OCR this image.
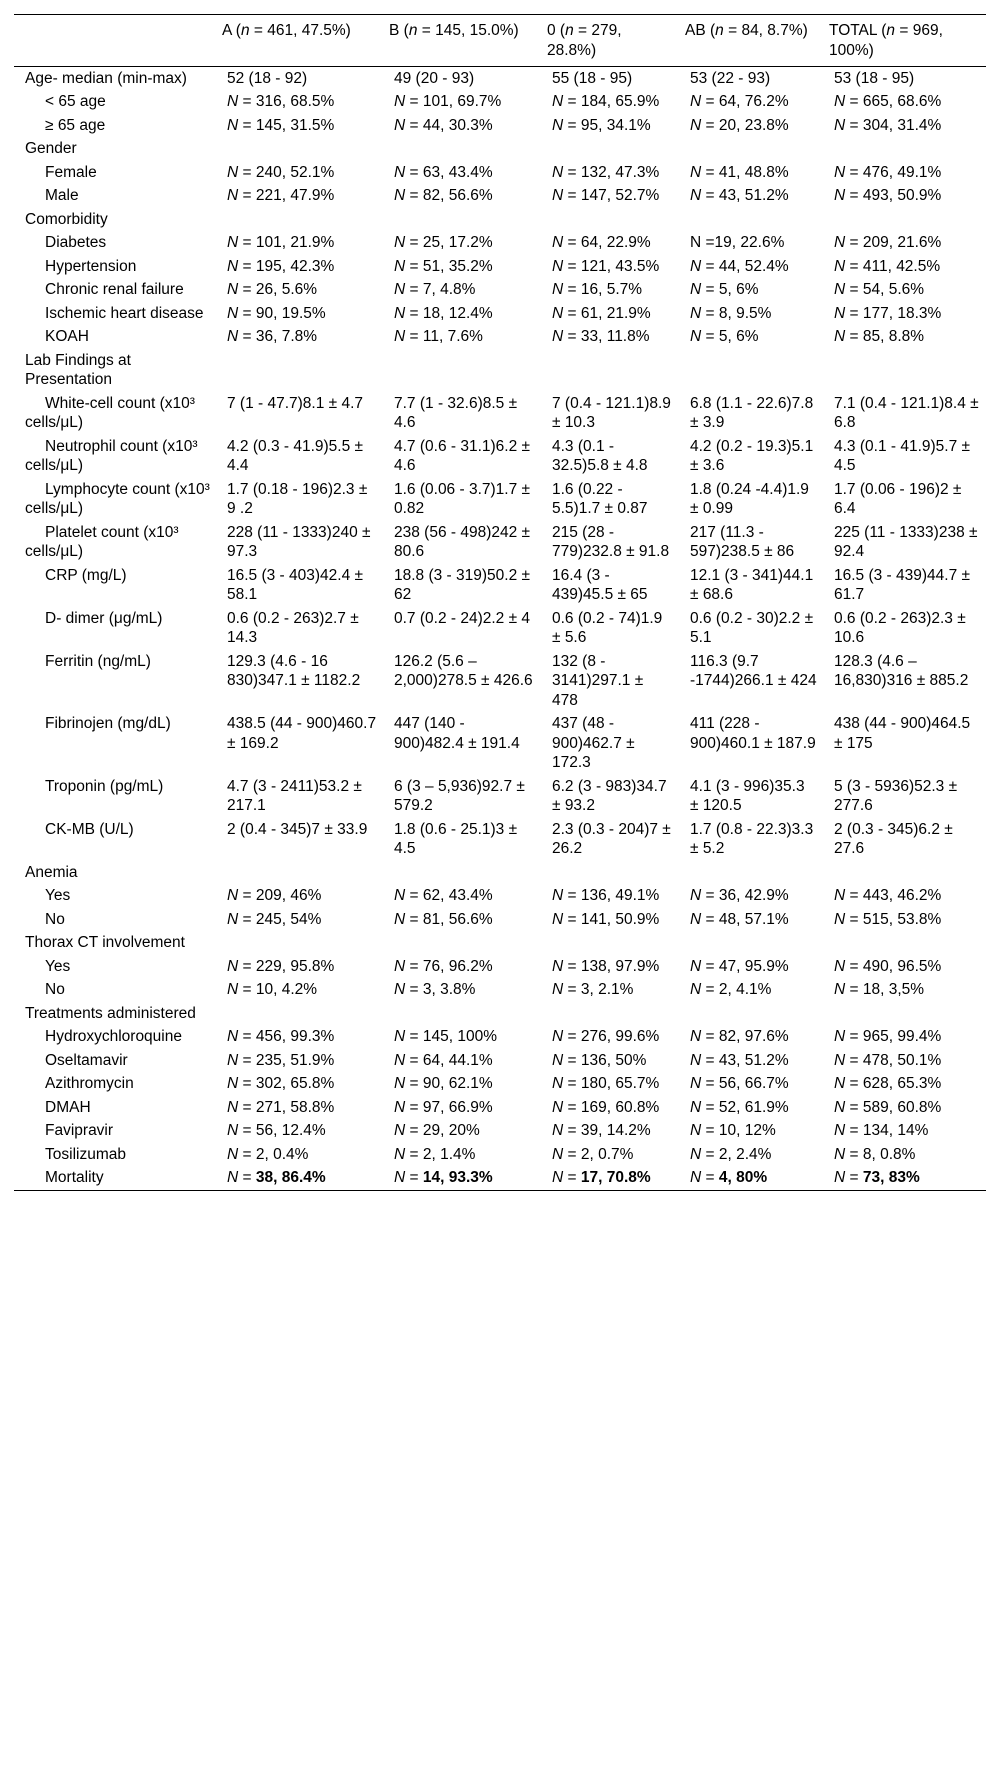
	A (n = 461, 47.5%)	B (n = 145, 15.0%)	0 (n = 279, 28.8%)	AB (n = 84, 8.7%)	TOTAL (n = 969, 100%)
Age- median (min-max)	52 (18 - 92)	49 (20 - 93)	55 (18 - 95)	53 (22 - 93)	53 (18 - 95)
< 65 age	N = 316, 68.5%	N = 101, 69.7%	N = 184, 65.9%	N = 64, 76.2%	N = 665, 68.6%
≥ 65 age	N = 145, 31.5%	N = 44, 30.3%	N = 95, 34.1%	N = 20, 23.8%	N = 304, 31.4%
Gender					
Female	N = 240, 52.1%	N = 63, 43.4%	N = 132, 47.3%	N = 41, 48.8%	N = 476, 49.1%
Male	N = 221, 47.9%	N = 82, 56.6%	N = 147, 52.7%	N = 43, 51.2%	N = 493, 50.9%
Comorbidity					
Diabetes	N = 101, 21.9%	N = 25, 17.2%	N = 64, 22.9%	N =19, 22.6%	N = 209, 21.6%
Hypertension	N = 195, 42.3%	N = 51, 35.2%	N = 121, 43.5%	N = 44, 52.4%	N = 411, 42.5%
Chronic renal failure	N = 26, 5.6%	N = 7, 4.8%	N = 16, 5.7%	N = 5, 6%	N = 54, 5.6%
Ischemic heart disease	N = 90, 19.5%	N = 18, 12.4%	N = 61, 21.9%	N = 8, 9.5%	N = 177, 18.3%
KOAH	N = 36, 7.8%	N = 11, 7.6%	N = 33, 11.8%	N = 5, 6%	N = 85, 8.8%
Lab Findings at Presentation					
White-cell count (x10³ cells/μL)	7 (1 - 47.7)8.1 ± 4.7	7.7 (1 - 32.6)8.5 ± 4.6	7 (0.4 - 121.1)8.9 ± 10.3	6.8 (1.1 - 22.6)7.8 ± 3.9	7.1 (0.4 - 121.1)8.4 ± 6.8
Neutrophil count (x10³ cells/μL)	4.2 (0.3 - 41.9)5.5 ± 4.4	4.7 (0.6 - 31.1)6.2 ± 4.6	4.3 (0.1 - 32.5)5.8 ± 4.8	4.2 (0.2 - 19.3)5.1 ± 3.6	4.3 (0.1 - 41.9)5.7 ± 4.5
Lymphocyte count (x10³ cells/μL)	1.7 (0.18 - 196)2.3 ± 9 .2	1.6 (0.06 - 3.7)1.7 ± 0.82	1.6 (0.22 - 5.5)1.7 ± 0.87	1.8 (0.24 -4.4)1.9 ± 0.99	1.7 (0.06 - 196)2 ± 6.4
Platelet count (x10³ cells/μL)	228 (11 - 1333)240 ± 97.3	238 (56 - 498)242 ± 80.6	215 (28 - 779)232.8 ± 91.8	217 (11.3 - 597)238.5 ± 86	225 (11 - 1333)238 ± 92.4
CRP (mg/L)	16.5 (3 - 403)42.4 ± 58.1	18.8 (3 - 319)50.2 ± 62	16.4 (3 - 439)45.5 ± 65	12.1 (3 - 341)44.1 ± 68.6	16.5 (3 - 439)44.7 ± 61.7
D- dimer (μg/mL)	0.6 (0.2 - 263)2.7 ± 14.3	0.7 (0.2 - 24)2.2 ± 4	0.6 (0.2 - 74)1.9 ± 5.6	0.6 (0.2 - 30)2.2 ± 5.1	0.6 (0.2 - 263)2.3 ± 10.6
Ferritin (ng/mL)	129.3 (4.6 - 16 830)347.1 ± 1182.2	126.2 (5.6 – 2,000)278.5 ± 426.6	132 (8 - 3141)297.1 ± 478	116.3 (9.7 -1744)266.1 ± 424	128.3 (4.6 – 16,830)316 ± 885.2
Fibrinojen (mg/dL)	438.5 (44 - 900)460.7 ± 169.2	447 (140 - 900)482.4 ± 191.4	437 (48 - 900)462.7 ± 172.3	411 (228 - 900)460.1 ± 187.9	438 (44 - 900)464.5 ± 175
Troponin (pg/mL)	4.7 (3 - 2411)53.2 ± 217.1	6 (3 – 5,936)92.7 ± 579.2	6.2 (3 - 983)34.7 ± 93.2	4.1 (3 - 996)35.3 ± 120.5	5 (3 - 5936)52.3 ± 277.6
CK-MB (U/L)	2 (0.4 - 345)7 ± 33.9	1.8 (0.6 - 25.1)3 ± 4.5	2.3 (0.3 - 204)7 ± 26.2	1.7 (0.8 - 22.3)3.3 ± 5.2	2 (0.3 - 345)6.2 ± 27.6
Anemia					
Yes	N = 209, 46%	N = 62, 43.4%	N = 136, 49.1%	N = 36, 42.9%	N = 443, 46.2%
No	N = 245, 54%	N = 81, 56.6%	N = 141, 50.9%	N = 48, 57.1%	N = 515, 53.8%
Thorax CT involvement					
Yes	N = 229, 95.8%	N = 76, 96.2%	N = 138, 97.9%	N = 47, 95.9%	N = 490, 96.5%
No	N = 10, 4.2%	N = 3, 3.8%	N = 3, 2.1%	N = 2, 4.1%	N = 18, 3,5%
Treatments administered					
Hydroxychloroquine	N = 456, 99.3%	N = 145, 100%	N = 276, 99.6%	N = 82, 97.6%	N = 965, 99.4%
Oseltamavir	N = 235, 51.9%	N = 64, 44.1%	N = 136, 50%	N = 43, 51.2%	N = 478, 50.1%
Azithromycin	N = 302, 65.8%	N = 90, 62.1%	N = 180, 65.7%	N = 56, 66.7%	N = 628, 65.3%
DMAH	N = 271, 58.8%	N = 97, 66.9%	N = 169, 60.8%	N = 52, 61.9%	N = 589, 60.8%
Favipravir	N = 56, 12.4%	N = 29, 20%	N = 39, 14.2%	N = 10, 12%	N = 134, 14%
Tosilizumab	N = 2, 0.4%	N = 2, 1.4%	N = 2, 0.7%	N = 2, 2.4%	N = 8, 0.8%
Mortality	N = 38, 86.4%	N = 14, 93.3%	N = 17, 70.8%	N = 4, 80%	N = 73, 83%
